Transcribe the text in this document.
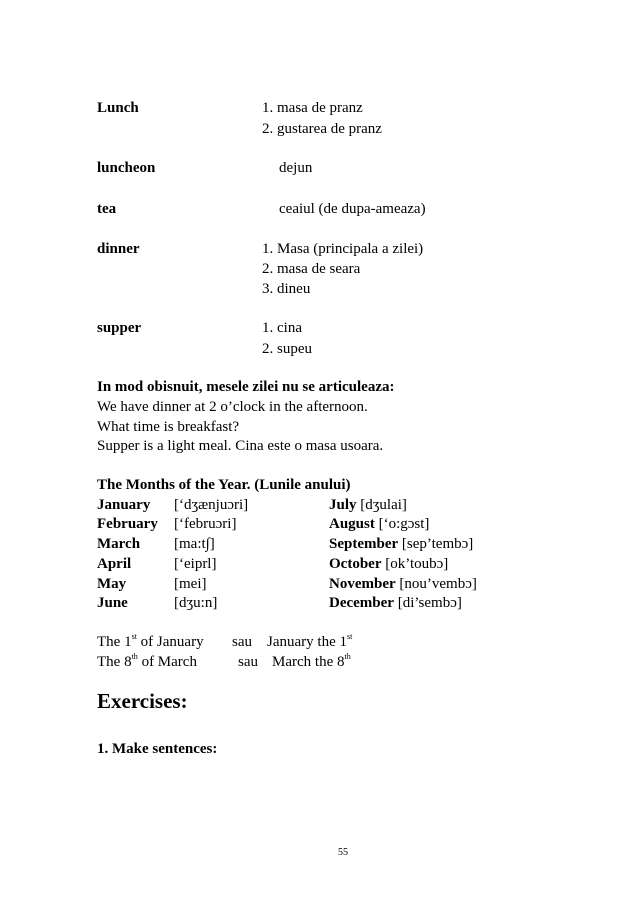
Lunch	1. masa de pranz
2. gustarea de pranz
luncheon	dejun
tea	ceaiul (de dupa-ameaza)
dinner	1. Masa (principala a zilei)
2. masa de seara
3. dineu
supper	1. cina
2. supeu
In mod obisnuit, mesele zilei nu se articuleaza:
We have dinner at 2 o’clock in the afternoon.
What time is breakfast?
Supper is a light meal. Cina este o masa usoara.
The Months of the Year. (Lunile anului)
January [‘dʒænjuɔri]	July [dʒulai]
February [‘februɔri]	August [‘o:gɔst]
March [ma:t∫]	September [sep’tembɔ]
April	[‘eiprl]	October [ok’toubɔ]
May	[mei]	November [nou’vembɔ]
June	[dʒu:n]	December [di’sembɔ]
The 1st of January sau January the 1st
The 8th of March	sau March the 8th
Exercises:
1. Make sentences:
55
